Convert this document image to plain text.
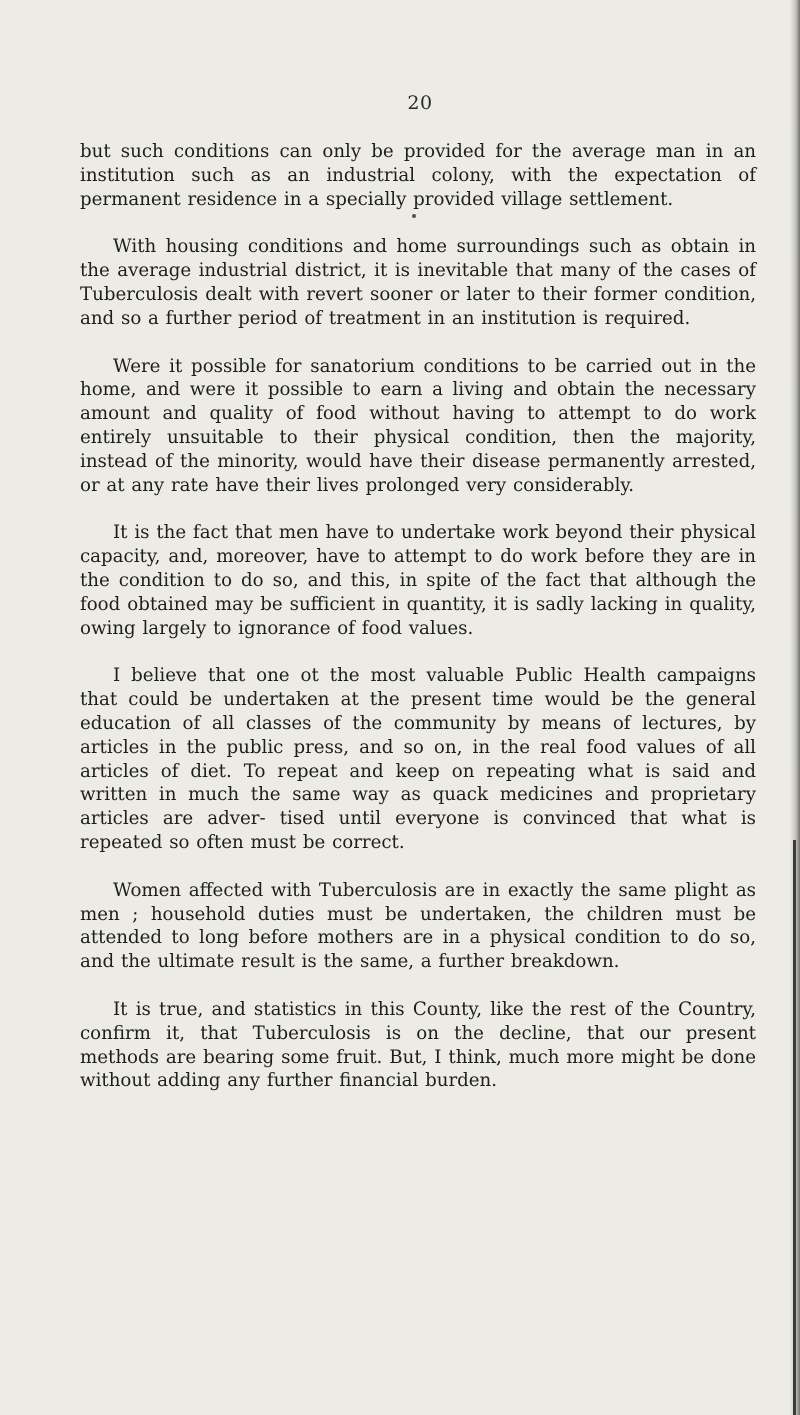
20

but such conditions can only be provided for the average man in an institution such as an industrial colony, with the expectation of permanent residence in a specially provided village settlement.

With housing conditions and home surroundings such as obtain in the average industrial district, it is inevitable that many of the cases of Tuberculosis dealt with revert sooner or later to their former condition, and so a further period of treatment in an institution is required.

Were it possible for sanatorium conditions to be carried out in the home, and were it possible to earn a living and obtain the necessary amount and quality of food without having to attempt to do work entirely unsuitable to their physical condition, then the majority, instead of the minority, would have their disease permanently arrested, or at any rate have their lives prolonged very considerably.

It is the fact that men have to undertake work beyond their physical capacity, and, moreover, have to attempt to do work before they are in the condition to do so, and this, in spite of the fact that although the food obtained may be sufficient in quantity, it is sadly lacking in quality, owing largely to ignorance of food values.

I believe that one ot the most valuable Public Health campaigns that could be undertaken at the present time would be the general education of all classes of the community by means of lectures, by articles in the public press, and so on, in the real food values of all articles of diet. To repeat and keep on repeating what is said and written in much the same way as quack medicines and proprietary articles are adver- tised until everyone is convinced that what is repeated so often must be correct.

Women affected with Tuberculosis are in exactly the same plight as men ; household duties must be undertaken, the children must be attended to long before mothers are in a physical condition to do so, and the ultimate result is the same, a further breakdown.

It is true, and statistics in this County, like the rest of the Country, confirm it, that Tuberculosis is on the decline, that our present methods are bearing some fruit. But, I think, much more might be done without adding any further financial burden.
